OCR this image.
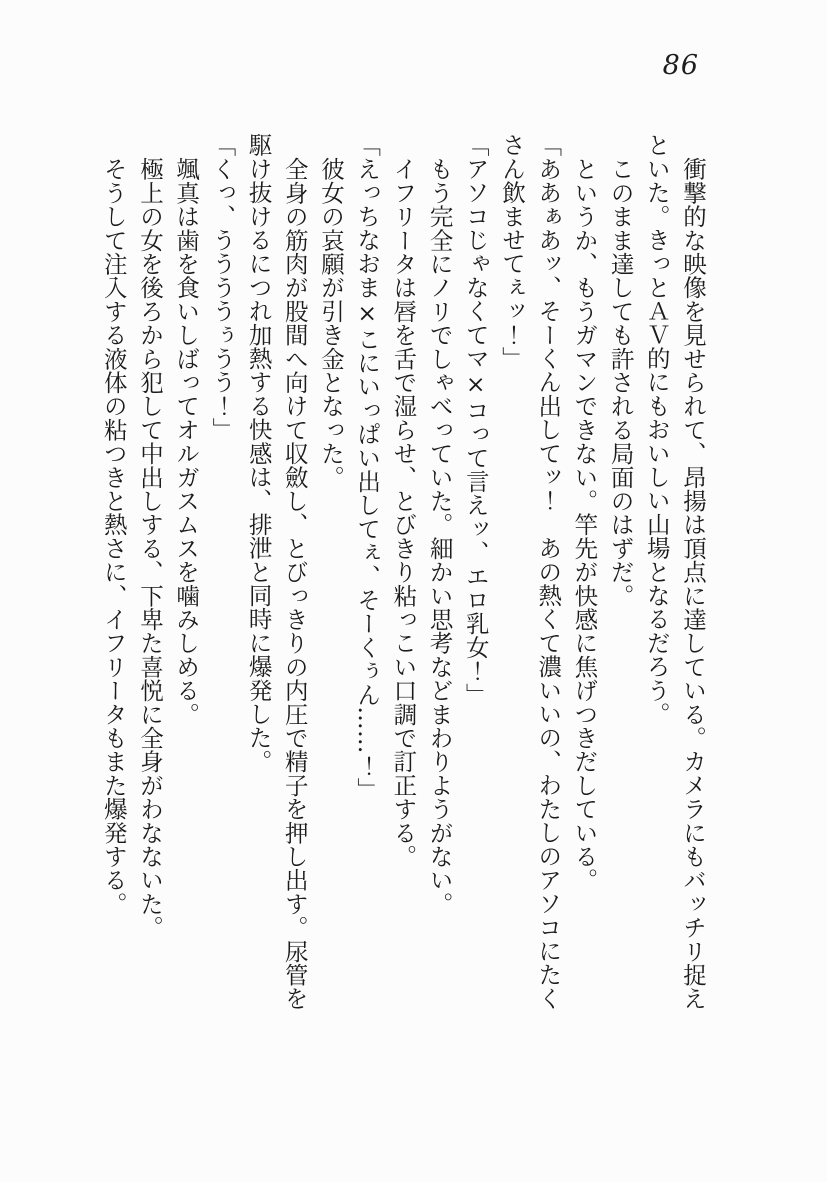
86

衝撃的な映像を見せられて、昂揚は頂点に達している。カメラにもバッチリ捉えといた。きっとＡＶ的にもおいしい山場となるだろう。

このまま達しても許される局面のはずだ。

というか、もうガマンできない。竿先が快感に焦げつきだしている。

「ああぁあッ、そーくん出してッ！　あの熱くて濃いいの、わたしのアソコにたくさん飲ませてぇッ！」

「アソコじゃなくてマ×コって言えッ、エロ乳女！」

もう完全にノリでしゃべっていた。細かい思考などまわりようがない。

イフリータは唇を舌で湿らせ、とびきり粘っこい口調で訂正する。

「えっちなおま×こにいっぱい出してぇ、そーくぅん……！」

彼女の哀願が引き金となった。

全身の筋肉が股間へ向けて収斂し、とびっきりの内圧で精子を押し出す。尿管を駆け抜けるにつれ加熱する快感は、排泄と同時に爆発した。

「くっ、ううううぅうう！」

颯真は歯を食いしばってオルガスムスを噛みしめる。

極上の女を後ろから犯して中出しする、下卑た喜悦に全身がわなないた。

そうして注入する液体の粘つきと熱さに、イフリータもまた爆発する。
